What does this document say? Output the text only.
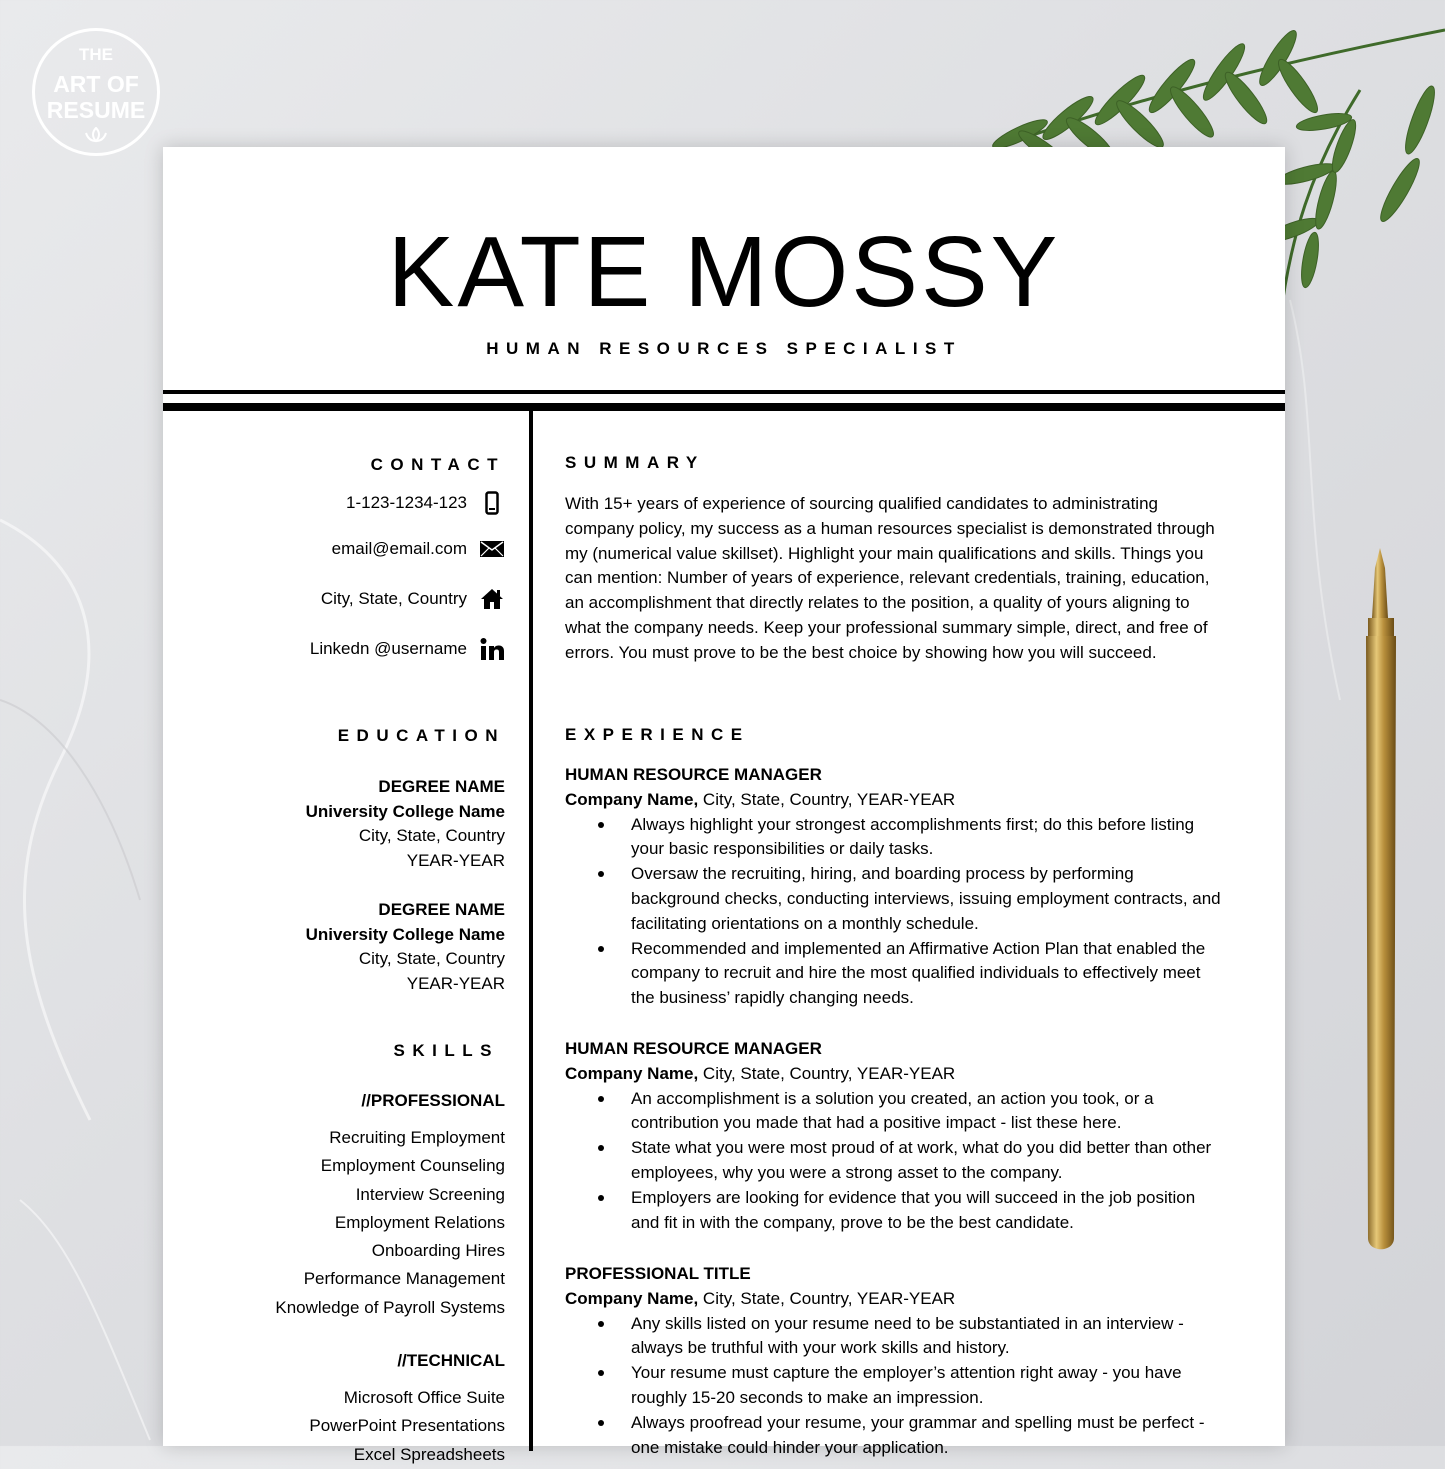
THE
ART OF
RESUME
KATE MOSSY
HUMAN RESOURCES SPECIALIST
CONTACT
1-123-1234-123
email@email.com
City, State, Country
Linkedn @username
EDUCATION
DEGREE NAME
University College Name
City, State, Country
YEAR-YEAR
DEGREE NAME
University College Name
City, State, Country
YEAR-YEAR
SKILLS
//PROFESSIONAL
Recruiting Employment
Employment Counseling
Interview Screening
Employment Relations
Onboarding Hires
Performance Management
Knowledge of Payroll Systems
//TECHNICAL
Microsoft Office Suite
PowerPoint Presentations
Excel Spreadsheets
SUMMARY
With 15+ years of experience of sourcing qualified candidates to administrating company policy, my success as a human resources specialist is demonstrated through my (numerical value skillset). Highlight your main qualifications and skills. Things you can mention: Number of years of experience, relevant credentials, training, education, an accomplishment that directly relates to the position, a quality of yours aligning to what the company needs. Keep your professional summary simple, direct, and free of errors. You must prove to be the best choice by showing how you will succeed.
EXPERIENCE
HUMAN RESOURCE MANAGER
Company Name, City, State, Country, YEAR-YEAR
Always highlight your strongest accomplishments first; do this before listing your basic responsibilities or daily tasks.
Oversaw the recruiting, hiring, and boarding process by performing background checks, conducting interviews, issuing employment contracts, and facilitating orientations on a monthly schedule.
Recommended and implemented an Affirmative Action Plan that enabled the company to recruit and hire the most qualified individuals to effectively meet the business’ rapidly changing needs.
HUMAN RESOURCE MANAGER
Company Name, City, State, Country, YEAR-YEAR
An accomplishment is a solution you created, an action you took, or a contribution you made that had a positive impact - list these here.
State what you were most proud of at work, what do you did better than other employees, why you were a strong asset to the company.
Employers are looking for evidence that you will succeed in the job position and fit in with the company, prove to be the best candidate.
PROFESSIONAL TITLE
Company Name, City, State, Country, YEAR-YEAR
Any skills listed on your resume need to be substantiated in an interview - always be truthful with your work skills and history.
Your resume must capture the employer’s attention right away - you have roughly 15-20 seconds to make an impression.
Always proofread your resume, your grammar and spelling must be perfect - one mistake could hinder your application.
